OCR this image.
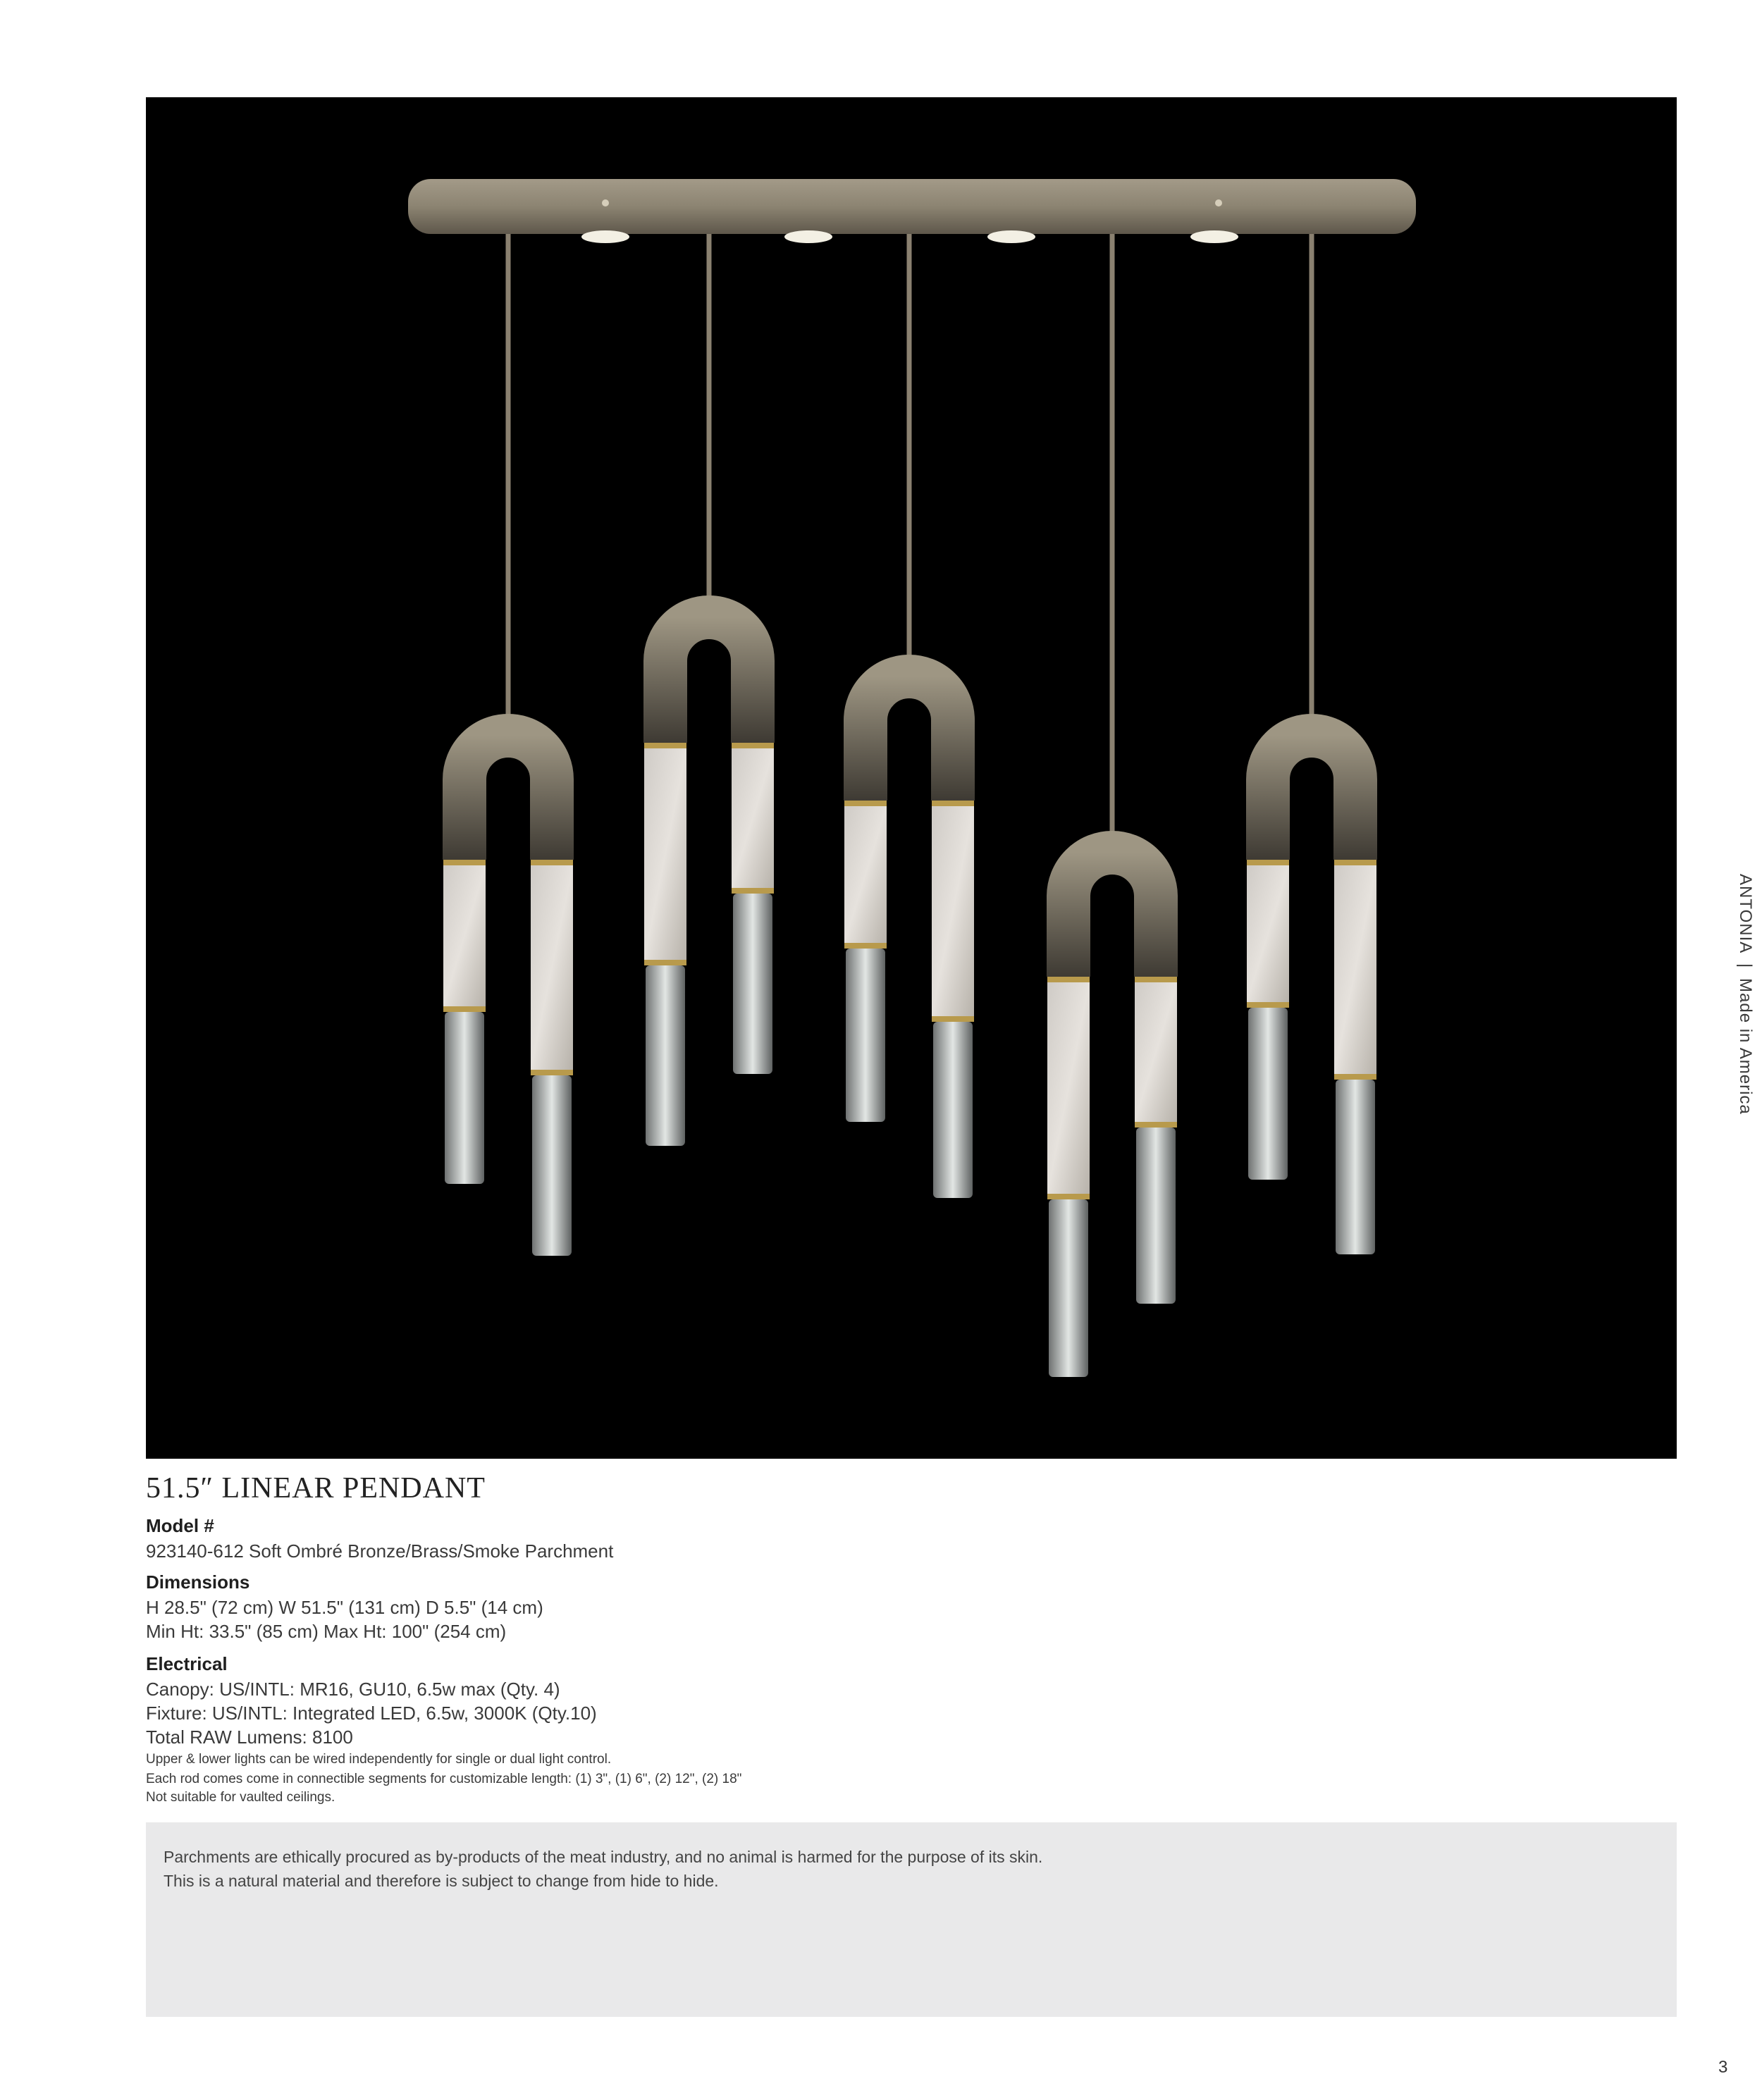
ANTONIA
|
Made in America
51.5″ LINEAR PENDANT
Model #
923140-612 Soft Ombré Bronze/Brass/Smoke Parchment
Dimensions
H 28.5" (72 cm) W 51.5" (131 cm) D 5.5" (14 cm)
Min Ht: 33.5" (85 cm) Max Ht: 100" (254 cm)
Electrical
Canopy: US/INTL: MR16, GU10, 6.5w max (Qty. 4)
Fixture: US/INTL: Integrated LED, 6.5w, 3000K (Qty.10)
Total RAW Lumens: 8100
Upper & lower lights can be wired independently for single or dual light control.
Each rod comes come in connectible segments for customizable length: (1) 3", (1) 6", (2) 12", (2) 18"
Not suitable for vaulted ceilings.
Parchments are ethically procured as by-products of the meat industry, and no animal is harmed for the purpose of its skin.
This is a natural material and therefore is subject to change from hide to hide.
3
